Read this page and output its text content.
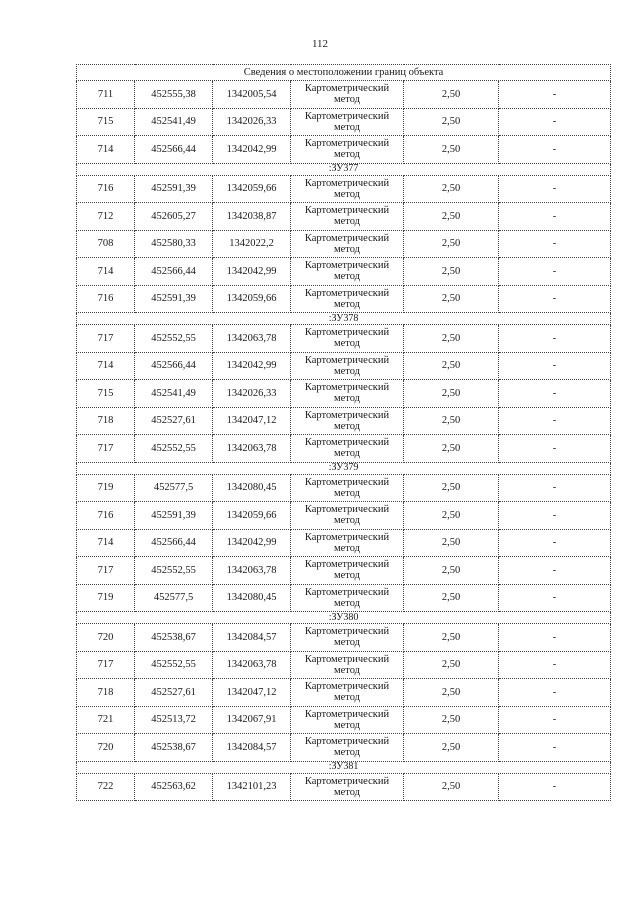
112
Сведения о местоположении границ объекта					
711	452555,38	1342005,54	Картометрический метод	2,50	-
715	452541,49	1342026,33	Картометрический метод	2,50	-
714	452566,44	1342042,99	Картометрический метод	2,50	-
:ЗУ377					
716	452591,39	1342059,66	Картометрический метод	2,50	-
712	452605,27	1342038,87	Картометрический метод	2,50	-
708	452580,33	1342022,2	Картометрический метод	2,50	-
714	452566,44	1342042,99	Картометрический метод	2,50	-
716	452591,39	1342059,66	Картометрический метод	2,50	-
:ЗУ378					
717	452552,55	1342063,78	Картометрический метод	2,50	-
714	452566,44	1342042,99	Картометрический метод	2,50	-
715	452541,49	1342026,33	Картометрический метод	2,50	-
718	452527,61	1342047,12	Картометрический метод	2,50	-
717	452552,55	1342063,78	Картометрический метод	2,50	-
:ЗУ379					
719	452577,5	1342080,45	Картометрический метод	2,50	-
716	452591,39	1342059,66	Картометрический метод	2,50	-
714	452566,44	1342042,99	Картометрический метод	2,50	-
717	452552,55	1342063,78	Картометрический метод	2,50	-
719	452577,5	1342080,45	Картометрический метод	2,50	-
:ЗУ380					
720	452538,67	1342084,57	Картометрический метод	2,50	-
717	452552,55	1342063,78	Картометрический метод	2,50	-
718	452527,61	1342047,12	Картометрический метод	2,50	-
721	452513,72	1342067,91	Картометрический метод	2,50	-
720	452538,67	1342084,57	Картометрический метод	2,50	-
:ЗУ381					
722	452563,62	1342101,23	Картометрический метод	2,50	-
